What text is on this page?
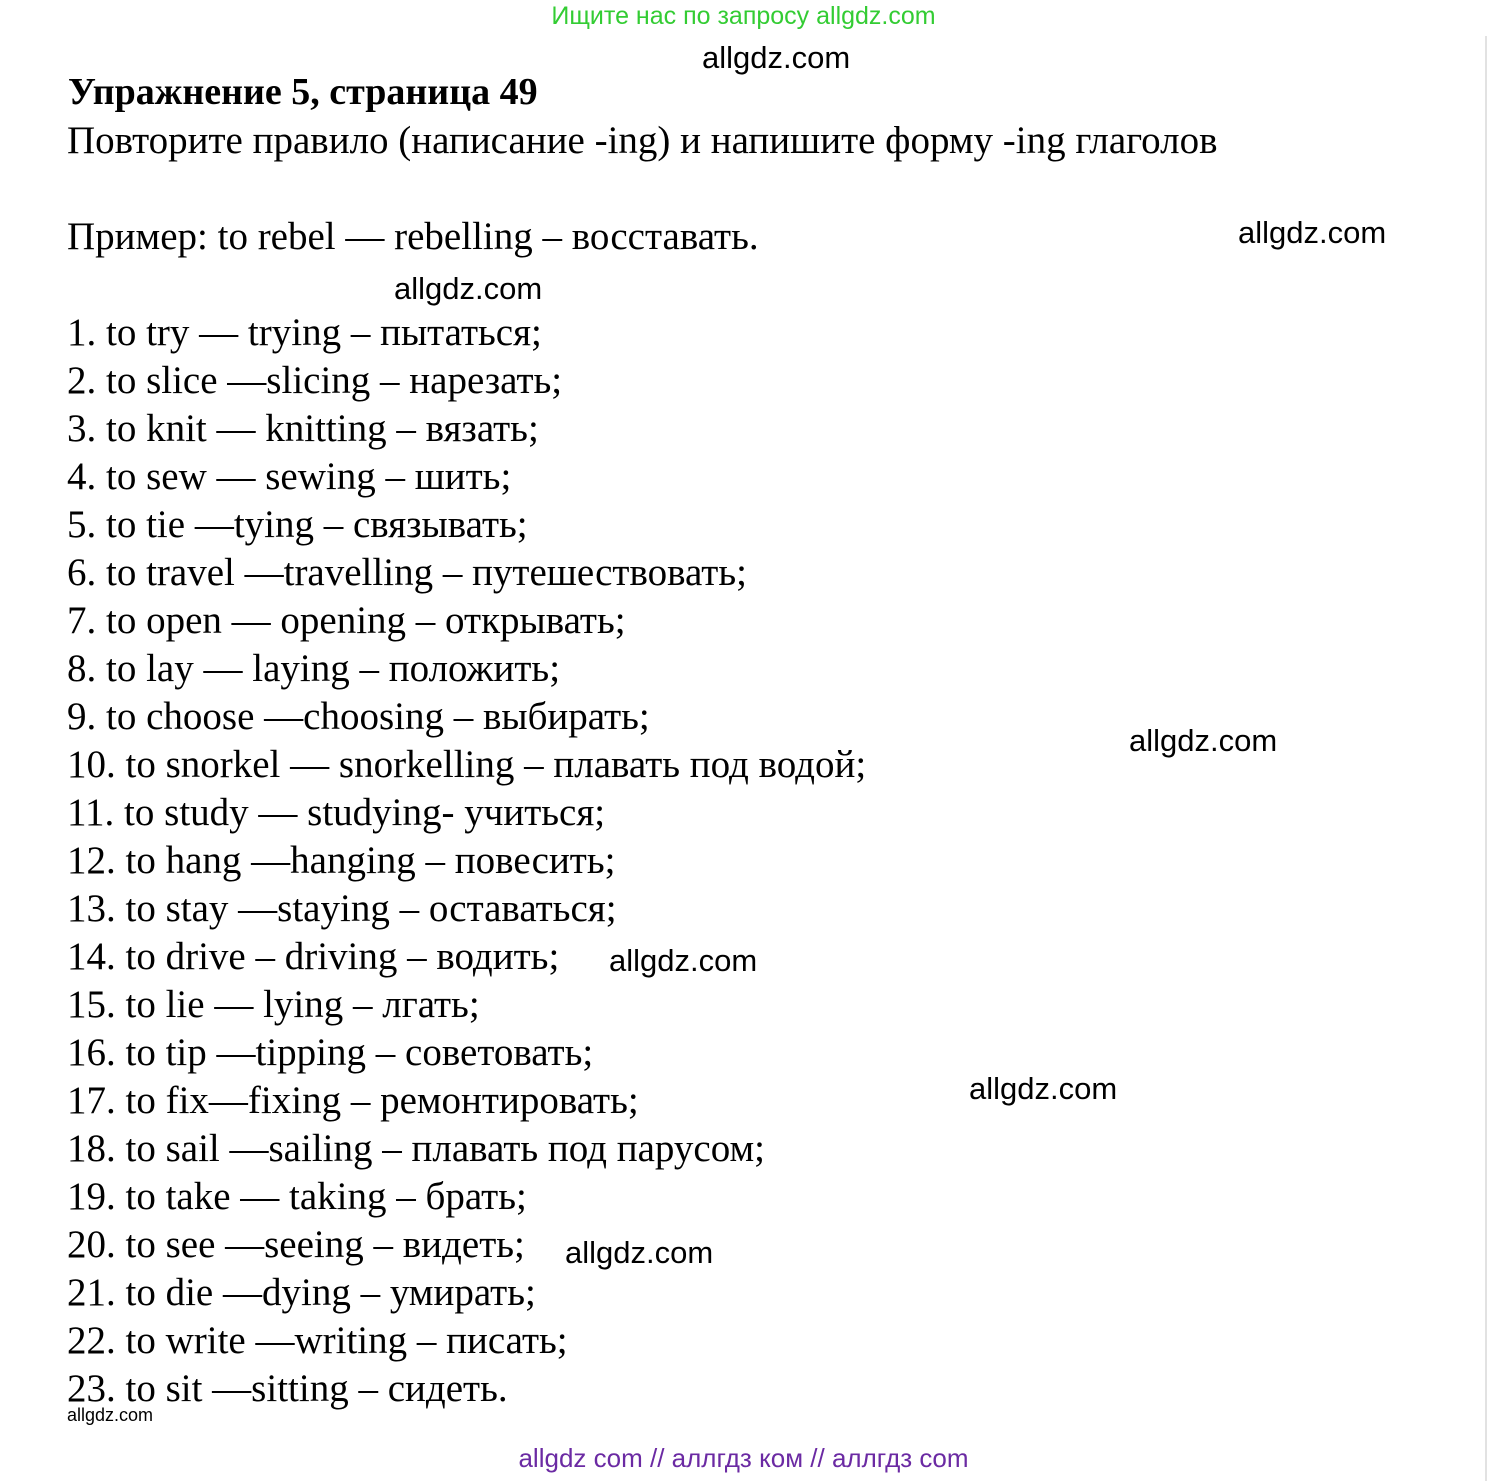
Ищите нас по запросу allgdz.com
allgdz.com
Упражнение 5, страница 49
Повторите правило (написание -ing) и напишите форму -ing глаголов
Пример: to rebel — rebelling – восставать.	allgdz.com
allgdz.com
1. to try — trying – пытаться;
2. to slice —slicing – нарезать;
3. to knit — knitting – вязать;
4. to sew — sewing – шить;
5. to tie —tying – связывать;
6. to travel —travelling – путешествовать;
7. to open — opening – открывать;
8. to lay — laying – положить;
9. to choose —choosing – выбирать;
10. to snorkel — snorkelling – плавать под водой;
11. to study — studying- учиться;
12. to hang —hanging – повесить;
13. to stay —staying – оставаться;
14. to drive – driving – водить;
15. to lie — lying – лгать;
16. to tip —tipping – советовать;
17. to fix—fixing – ремонтировать;
18. to sail —sailing – плавать под парусом;
19. to take — taking – брать;
20. to see —seeing – видеть;
21. to die —dying – умирать;
22. to write —writing – писать;
23. to sit —sitting – сидеть.
allgdz.com
allgdz.com
allgdz.com
allgdz.com
allgdz.com
allgdz com // аллгдз ком // аллгдз com
